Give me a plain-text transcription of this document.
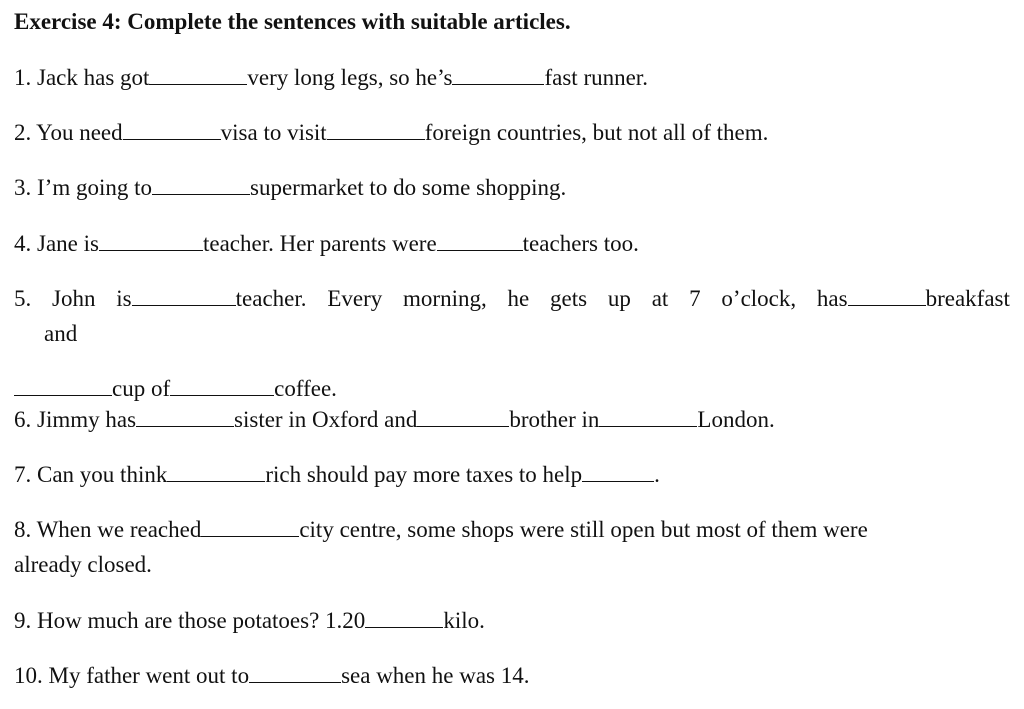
Exercise 4: Complete the sentences with suitable articles.
1. Jack has got	very long legs, so he’s	fast runner.
2. You need	visa to visit	foreign countries, but not all of them.
3. I’m going to	supermarket to do some shopping.
4. Jane is	teacher. Her parents were	teachers too.
5. John is	teacher. Every morning, he gets up at 7 o’clock, has	breakfast
and
cup of	coffee.
6. Jimmy has	sister in Oxford and	brother in	London.
7. Can you think	rich should pay more taxes to help	.
8. When we reached	city centre, some shops were still open but most of them were
already closed.
9. How much are those potatoes? 1.20	kilo.
10. My father went out to	sea when he was 14.
